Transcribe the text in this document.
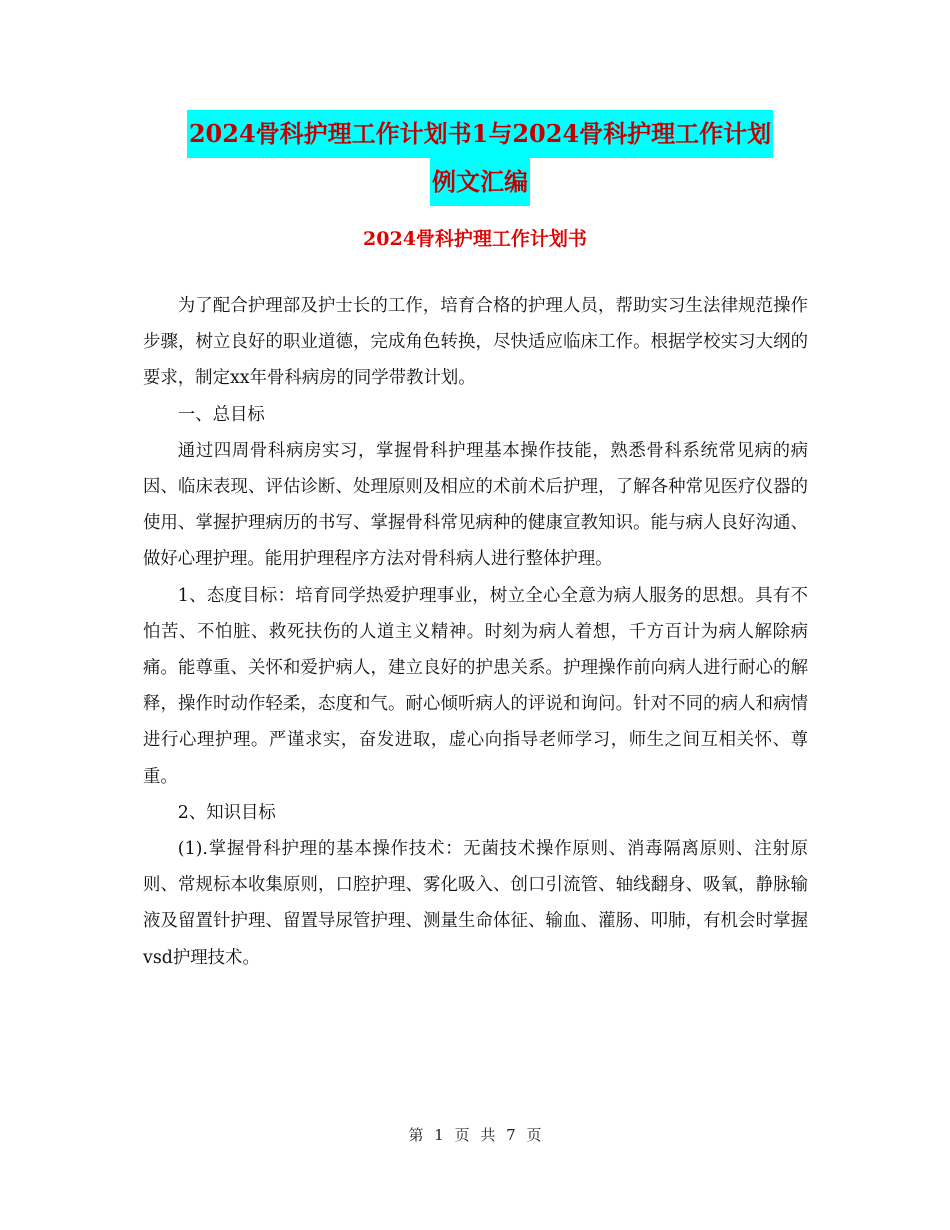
2024骨科护理工作计划书1与2024骨科护理工作计划
例文汇编
2024骨科护理工作计划书

为了配合护理部及护士长的工作，培育合格的护理人员，帮助实习生法律规范操作步骤，树立良好的职业道德，完成角色转换，尽快适应临床工作。根据学校实习大纲的要求，制定xx年骨科病房的同学带教计划。

一、总目标

通过四周骨科病房实习，掌握骨科护理基本操作技能，熟悉骨科系统常见病的病因、临床表现、评估诊断、处理原则及相应的术前术后护理，了解各种常见医疗仪器的使用、掌握护理病历的书写、掌握骨科常见病种的健康宣教知识。能与病人良好沟通、做好心理护理。能用护理程序方法对骨科病人进行整体护理。

1、态度目标：培育同学热爱护理事业，树立全心全意为病人服务的思想。具有不怕苦、不怕脏、救死扶伤的人道主义精神。时刻为病人着想，千方百计为病人解除病痛。能尊重、关怀和爱护病人，建立良好的护患关系。护理操作前向病人进行耐心的解释，操作时动作轻柔，态度和气。耐心倾听病人的评说和询问。针对不同的病人和病情进行心理护理。严谨求实，奋发进取，虚心向指导老师学习，师生之间互相关怀、尊重。

2、知识目标

(1).掌握骨科护理的基本操作技术：无菌技术操作原则、消毒隔离原则、注射原则、常规标本收集原则，口腔护理、雾化吸入、创口引流管、轴线翻身、吸氧，静脉输液及留置针护理、留置导尿管护理、测量生命体征、输血、灌肠、叩肺，有机会时掌握vsd护理技术。

第 1 页 共 7 页
